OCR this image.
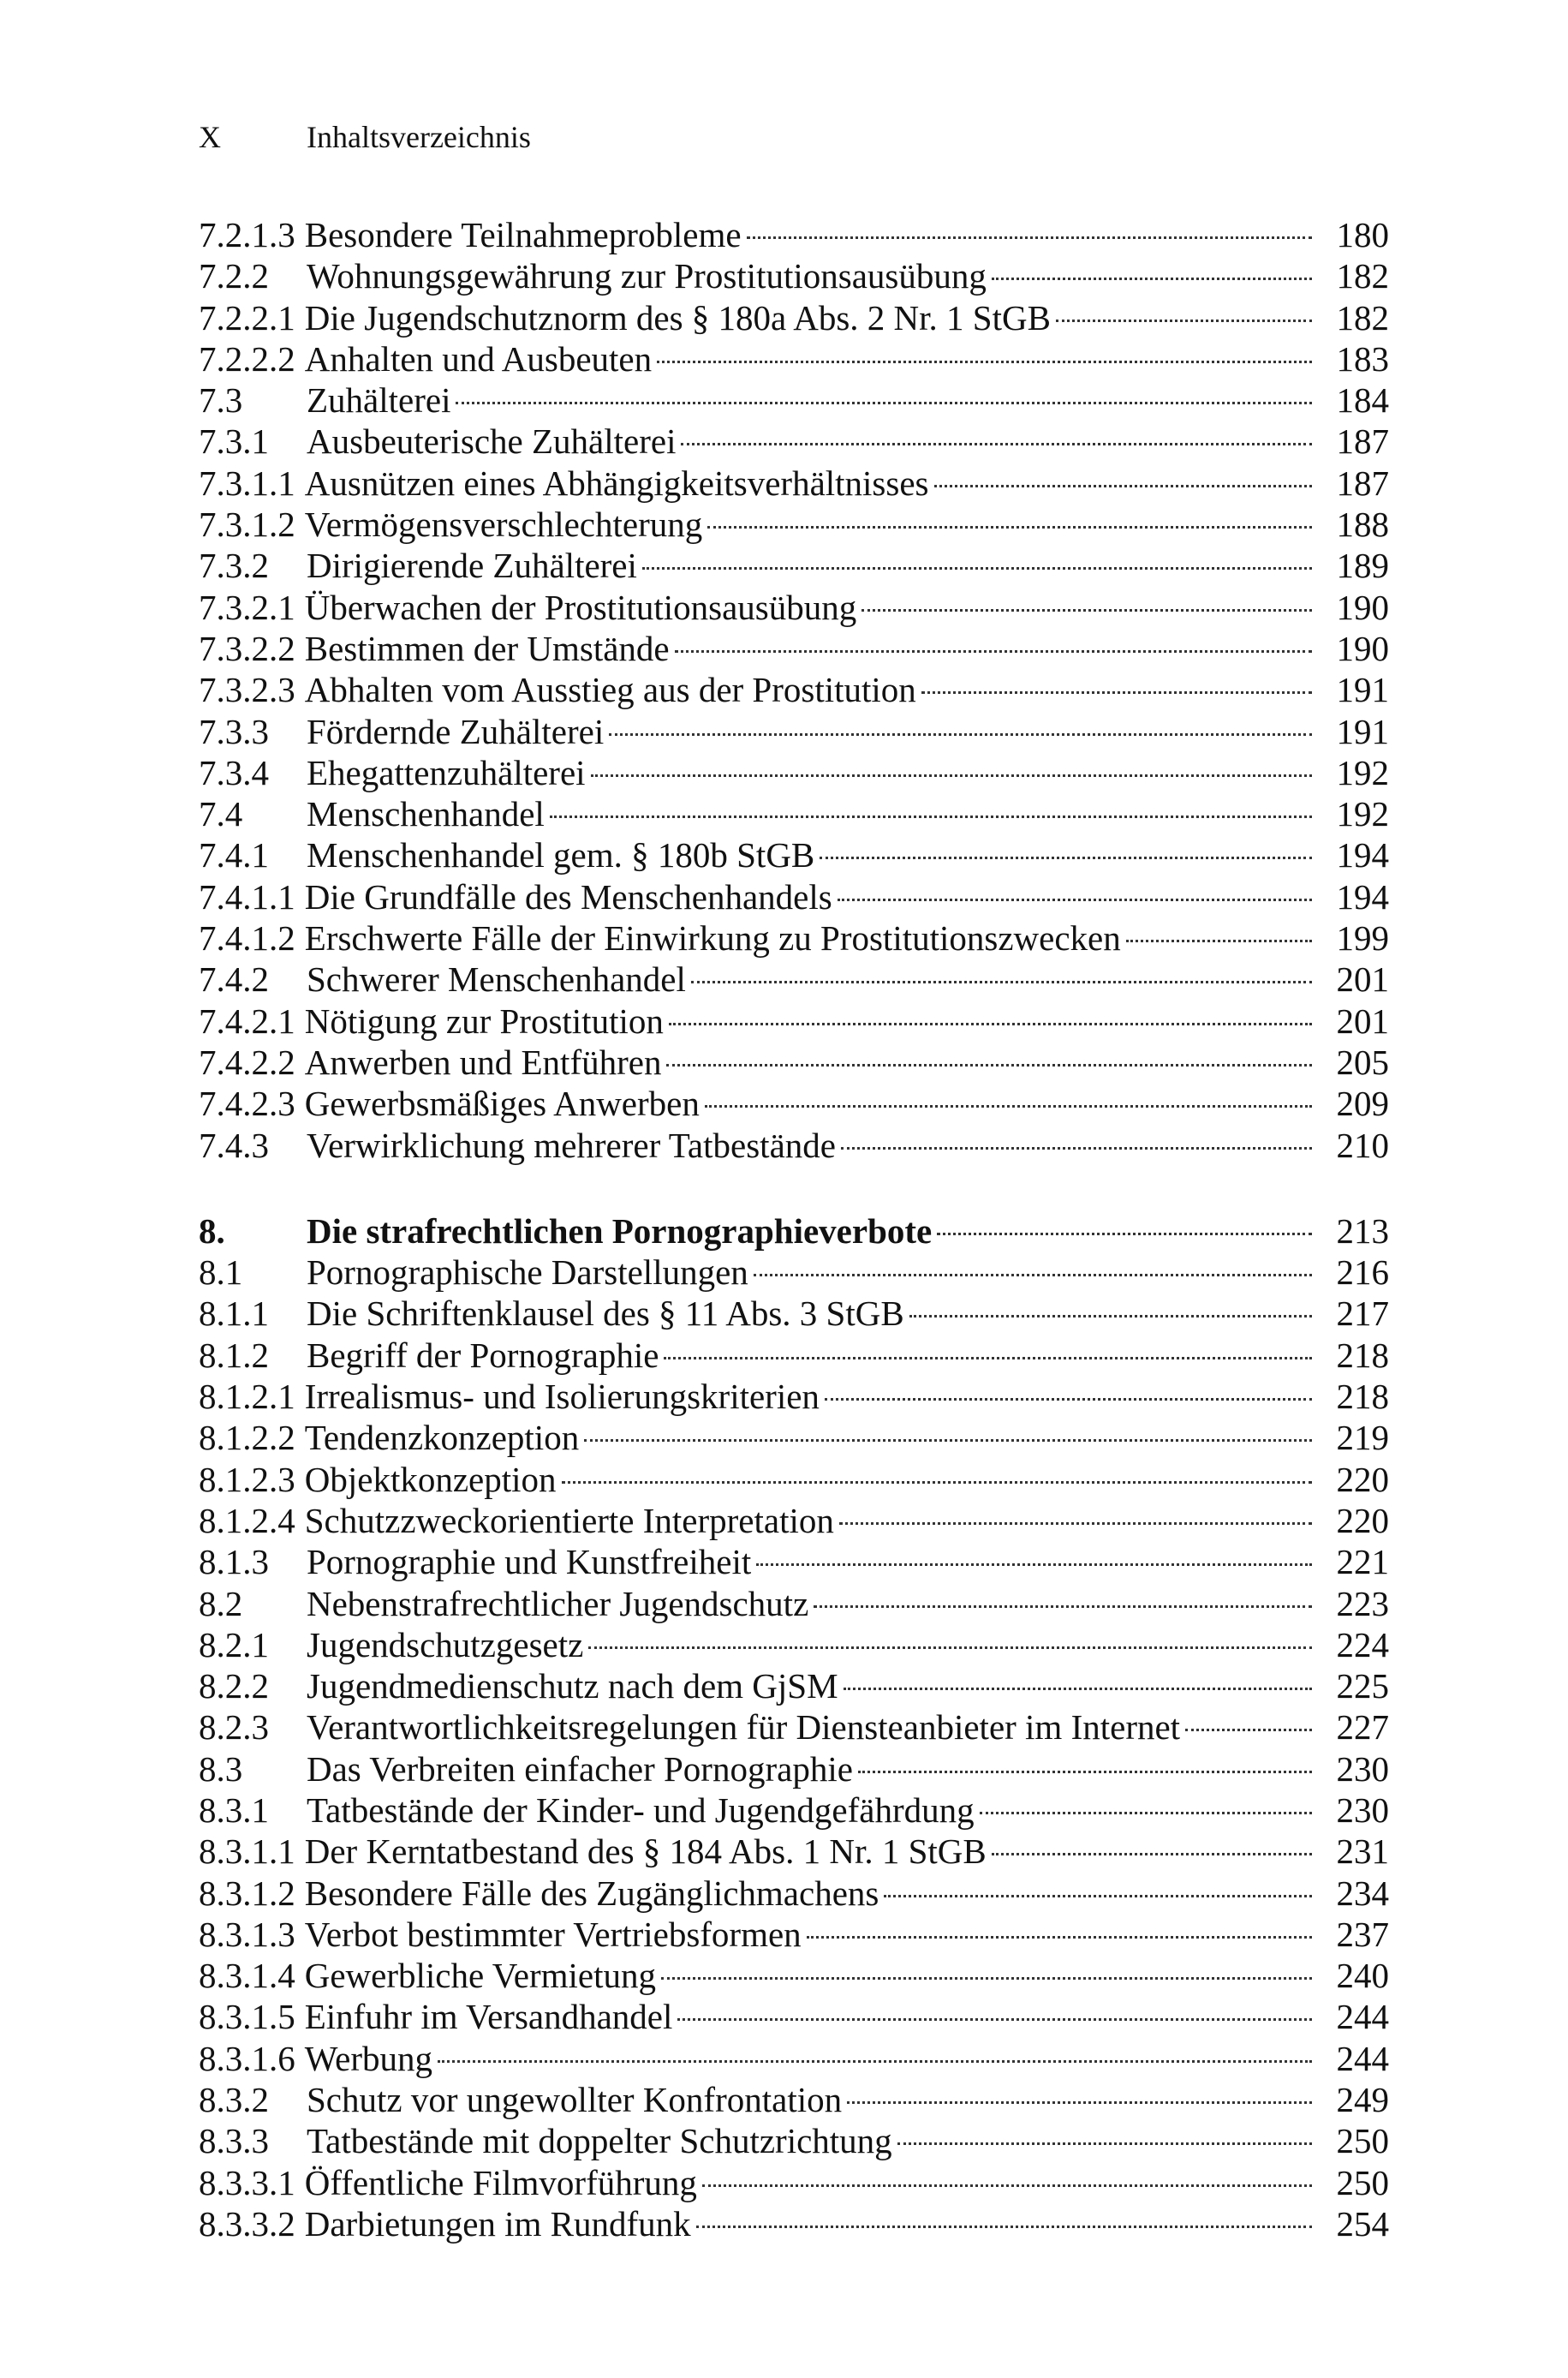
X	Inhaltsverzeichnis
7.2.1.3 Besondere Teilnahmeprobleme	180
7.2.2	Wohnungsgewährung zur Prostitutionsausübung	182
7.2.2.1 Die Jugendschutznorm des § 180a Abs. 2 Nr. 1 StGB	182
7.2.2.2 Anhalten und Ausbeuten	183
7.3	Zuhälterei	184
7.3.1	Ausbeuterische Zuhälterei	187
7.3.1.1 Ausnützen eines Abhängigkeitsverhältnisses	187
7.3.1.2 Vermögensverschlechterung	188
7.3.2	Dirigierende Zuhälterei	189
7.3.2.1 Überwachen der Prostitutionsausübung	190
7.3.2.2 Bestimmen der Umstände	190
7.3.2.3 Abhalten vom Ausstieg aus der Prostitution	191
7.3.3	Fördernde Zuhälterei	191
7.3.4	Ehegattenzuhälterei	192
7.4	Menschenhandel	192
7.4.1	Menschenhandel gem. § 180b StGB	194
7.4.1.1 Die Grundfälle des Menschenhandels	194
7.4.1.2 Erschwerte Fälle der Einwirkung zu Prostitutionszwecken	199
7.4.2	Schwerer Menschenhandel	201
7.4.2.1 Nötigung zur Prostitution	201
7.4.2.2 Anwerben und Entführen	205
7.4.2.3 Gewerbsmäßiges Anwerben	209
7.4.3	Verwirklichung mehrerer Tatbestände	210
8.	Die strafrechtlichen Pornographieverbote	213
8.1	Pornographische Darstellungen	216
8.1.1	Die Schriftenklausel des § 11 Abs. 3 StGB	217
8.1.2	Begriff der Pornographie	218
8.1.2.1 Irrealismus- und Isolierungskriterien	218
8.1.2.2 Tendenzkonzeption	219
8.1.2.3 Objektkonzeption	220
8.1.2.4 Schutzzweckorientierte Interpretation	220
8.1.3	Pornographie und Kunstfreiheit	221
8.2	Nebenstrafrechtlicher Jugendschutz	223
8.2.1	Jugendschutzgesetz	224
8.2.2	Jugendmedienschutz nach dem GjSM	225
8.2.3	Verantwortlichkeitsregelungen für Diensteanbieter im Internet	227
8.3	Das Verbreiten einfacher Pornographie	230
8.3.1	Tatbestände der Kinder- und Jugendgefährdung	230
8.3.1.1 Der Kerntatbestand des § 184 Abs. 1 Nr. 1 StGB	231
8.3.1.2 Besondere Fälle des Zugänglichmachens	234
8.3.1.3 Verbot bestimmter Vertriebsformen	237
8.3.1.4 Gewerbliche Vermietung	240
8.3.1.5 Einfuhr im Versandhandel	244
8.3.1.6 Werbung	244
8.3.2	Schutz vor ungewollter Konfrontation	249
8.3.3	Tatbestände mit doppelter Schutzrichtung	250
8.3.3.1 Öffentliche Filmvorführung	250
8.3.3.2 Darbietungen im Rundfunk	254
